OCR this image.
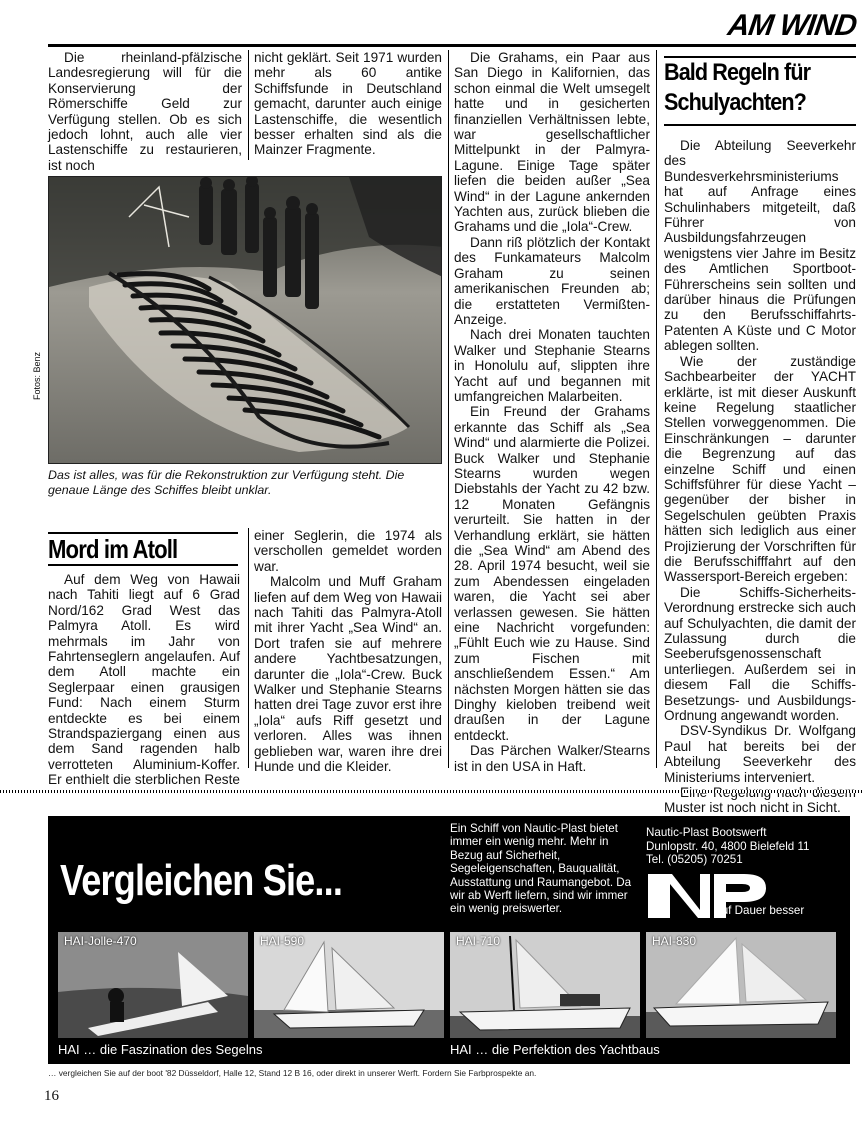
AM WIND

Die rheinland-pfälzische Landesregierung will für die Konservierung der Römerschiffe Geld zur Verfügung stellen. Ob es sich jedoch lohnt, auch alle vier Lastenschiffe zu restaurieren, ist noch

nicht geklärt. Seit 1971 wurden mehr als 60 antike Schiffsfunde in Deutschland gemacht, darunter auch einige Lastenschiffe, die wesentlich besser erhalten sind als die Mainzer Fragmente.

Fotos: Benz
Das ist alles, was für die Rekonstruktion zur Verfügung steht. Die genaue Länge des Schiffes bleibt unklar.
Mord im Atoll

Auf dem Weg von Hawaii nach Tahiti liegt auf 6 Grad Nord/162 Grad West das Palmyra Atoll. Es wird mehrmals im Jahr von Fahrtenseglern angelaufen. Auf dem Atoll machte ein Seglerpaar einen grausigen Fund: Nach einem Sturm entdeckte es bei einem Strandspaziergang einen aus dem Sand ragenden halb verrotteten Aluminium-Koffer. Er enthielt die sterblichen Reste

einer Seglerin, die 1974 als verschollen gemeldet worden war.

Malcolm und Muff Graham liefen auf dem Weg von Hawaii nach Tahiti das Palmyra-Atoll mit ihrer Yacht „Sea Wind“ an. Dort trafen sie auf mehrere andere Yachtbesatzungen, darunter die „Iola“-Crew. Buck Walker und Stephanie Stearns hatten drei Tage zuvor erst ihre „Iola“ aufs Riff gesetzt und verloren. Alles was ihnen geblieben war, waren ihre drei Hunde und die Kleider.

Die Grahams, ein Paar aus San Diego in Kalifornien, das schon einmal die Welt umsegelt hatte und in gesicherten finanziellen Verhältnissen lebte, war gesellschaftlicher Mittelpunkt in der Palmyra-Lagune. Einige Tage später liefen die beiden außer „Sea Wind“ in der Lagune ankernden Yachten aus, zurück blieben die Grahams und die „Iola“-Crew.

Dann riß plötzlich der Kontakt des Funkamateurs Malcolm Graham zu seinen amerikanischen Freunden ab; die erstatteten Vermißten-Anzeige.

Nach drei Monaten tauchten Walker und Stephanie Stearns in Honolulu auf, slippten ihre Yacht auf und begannen mit umfangreichen Malarbeiten.

Ein Freund der Grahams erkannte das Schiff als „Sea Wind“ und alarmierte die Polizei. Buck Walker und Stephanie Stearns wurden wegen Diebstahls der Yacht zu 42 bzw. 12 Monaten Gefängnis verurteilt. Sie hatten in der Verhandlung erklärt, sie hätten die „Sea Wind“ am Abend des 28. April 1974 besucht, weil sie zum Abendessen eingeladen waren, die Yacht sei aber verlassen gewesen. Sie hätten eine Nachricht vorgefunden: „Fühlt Euch wie zu Hause. Sind zum Fischen mit anschließendem Essen.“ Am nächsten Morgen hätten sie das Dinghy kieloben treibend weit draußen in der Lagune entdeckt.

Das Pärchen Walker/Stearns ist in den USA in Haft.

Bald Regeln für Schulyachten?

Die Abteilung Seeverkehr des Bundesverkehrsministeriums hat auf Anfrage eines Schulinhabers mitgeteilt, daß Führer von Ausbildungsfahrzeugen wenigstens vier Jahre im Besitz des Amtlichen Sportboot-Führerscheins sein sollten und darüber hinaus die Prüfungen zu den Berufsschiffahrts-Patenten A Küste und C Motor ablegen sollten.

Wie der zuständige Sachbearbeiter der YACHT erklärte, ist mit dieser Auskunft keine Regelung staatlicher Stellen vorweggenommen. Die Einschränkungen – darunter die Begrenzung auf das einzelne Schiff und einen Schiffsführer für diese Yacht – gegenüber der bisher in Segelschulen geübten Praxis hätten sich lediglich aus einer Projizierung der Vorschriften für die Berufsschifffahrt auf den Wassersport-Bereich ergeben:

Die Schiffs-Sicherheits-Verordnung erstrecke sich auch auf Schulyachten, die damit der Zulassung durch die Seeberufsgenossenschaft unterliegen. Außerdem sei in diesem Fall die Schiffs-Besetzungs- und Ausbildungs-Ordnung angewandt worden.

DSV-Syndikus Dr. Wolfgang Paul hat bereits bei der Abteilung Seeverkehr des Ministeriums interveniert.

Muster ist noch nicht in Sicht.

Vergleichen Sie...
Ein Schiff von Nautic-Plast bietet immer ein wenig mehr. Mehr in Bezug auf Sicherheit, Segeleigenschaften, Bauqualität, Ausstattung und Raumangebot. Da wir ab Werft liefern, sind wir immer ein wenig preiswerter.
Nautic-Plast Bootswerft
Dunlopstr. 40, 4800 Bielefeld 11
Tel. (05205) 70251
Auf Dauer besser
HAI-Jolle-470	HAI-590	HAI-710	HAI-830
HAI … die Faszination des Segelns	HAI … die Perfektion des Yachtbaus
… vergleichen Sie auf der boot '82 Düsseldorf, Halle 12, Stand 12 B 16, oder direkt in unserer Werft. Fordern Sie Farbprospekte an.
16
